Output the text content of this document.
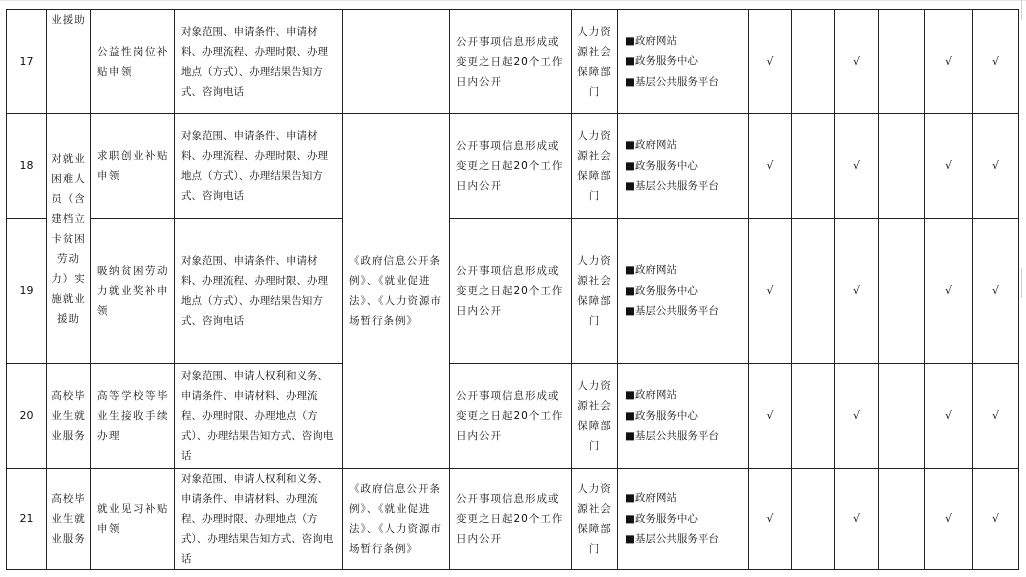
17	业援助	公益性岗位补贴申领	对象范围、申请条件、申请材料、办理流程、办理时限、办理地点（方式）、办理结果告知方式、咨询电话		公开事项信息形成或变更之日起20个工作日内公开	人力资源社会保障部门	■政府网站
■政务服务中心
■基层公共服务平台	√		√		√	√
18	对就业困难人员（含建档立卡贫困劳动力）实施就业援助	求职创业补贴申领	对象范围、申请条件、申请材料、办理流程、办理时限、办理地点（方式）、办理结果告知方式、咨询电话	《政府信息公开条例》、《就业促进法》、《人力资源市场暂行条例》	公开事项信息形成或变更之日起20个工作日内公开	人力资源社会保障部门	■政府网站
■政务服务中心
■基层公共服务平台	√		√		√	√
19		吸纳贫困劳动力就业奖补申领	对象范围、申请条件、申请材料、办理流程、办理时限、办理地点（方式）、办理结果告知方式、咨询电话		公开事项信息形成或变更之日起20个工作日内公开	人力资源社会保障部门	■政府网站
■政务服务中心
■基层公共服务平台	√		√		√	√
20	高校毕业生就业服务	高等学校等毕业生接收手续办理	对象范围、申请人权利和义务、申请条件、申请材料、办理流程、办理时限、办理地点（方式）、办理结果告知方式、咨询电话		公开事项信息形成或变更之日起20个工作日内公开	人力资源社会保障部门	■政府网站
■政务服务中心
■基层公共服务平台	√		√		√	√
21	高校毕业生就业服务	就业见习补贴申领	对象范围、申请人权利和义务、申请条件、申请材料、办理流程、办理时限、办理地点（方式）、办理结果告知方式、咨询电话	《政府信息公开条例》、《就业促进法》、《人力资源市场暂行条例》	公开事项信息形成或变更之日起20个工作日内公开	人力资源社会保障部门	■政府网站
■政务服务中心
■基层公共服务平台	√		√		√	√
